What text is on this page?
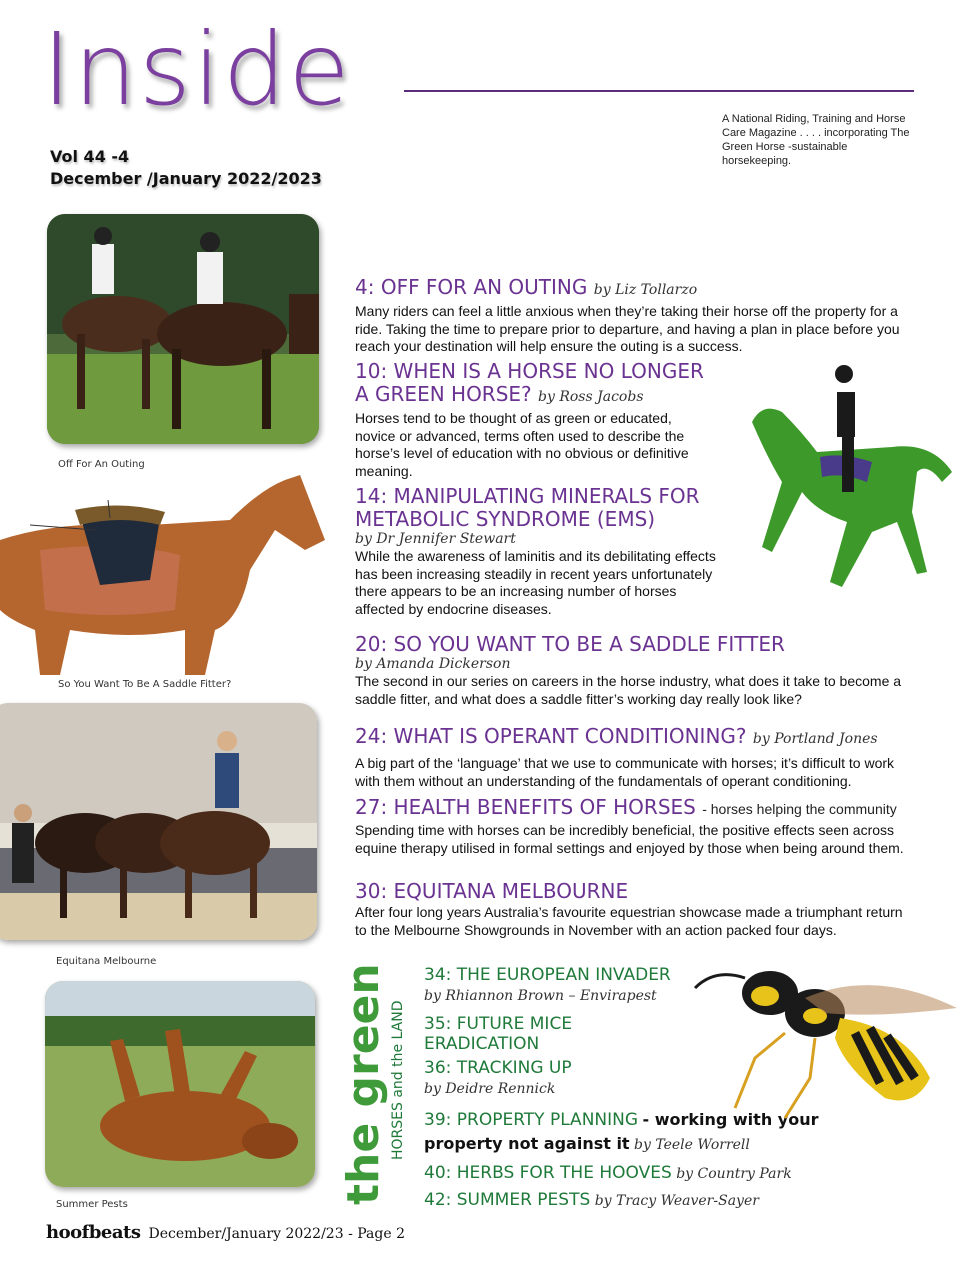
Inside	A National Riding, Training and Horse Care Magazine . . . . incorporating The Green Horse -sustainable horsekeeping.
Vol 44 -4
December /January 2022/2023
Off For An Outing
So You Want To Be A Saddle Fitter?
Equitana Melbourne
Summer Pests
4: OFF FOR AN OUTING by Liz Tollarzo
Many riders can feel a little anxious when they’re taking their horse off the property for a ride. Taking the time to prepare prior to departure, and having a plan in place before you reach your destination will help ensure the outing is a success.
10: WHEN IS A HORSE NO LONGER A GREEN HORSE? by Ross Jacobs
Horses tend to be thought of as green or educated, novice or advanced, terms often used to describe the horse’s level of education with no obvious or definitive meaning.
14: MANIPULATING MINERALS FOR METABOLIC SYNDROME (EMS)
by Dr Jennifer Stewart
While the awareness of laminitis and its debilitating effects has been increasing steadily in recent years unfortunately there appears to be an increasing number of horses affected by endocrine diseases.
20: SO YOU WANT TO BE A SADDLE FITTER
by Amanda Dickerson
The second in our series on careers in the horse industry, what does it take to become a saddle fitter, and what does a saddle fitter’s working day really look like?
24: WHAT IS OPERANT CONDITIONING? by Portland Jones
A big part of the ‘language’ that we use to communicate with horses; it’s difficult to work with them without an understanding of the fundamentals of operant conditioning.
27: HEALTH BENEFITS OF HORSES - horses helping the community
Spending time with horses can be incredibly beneficial, the positive effects seen across equine therapy utilised in formal settings and enjoyed by those when being around them.
30: EQUITANA MELBOURNE
After four long years Australia’s favourite equestrian showcase made a triumphant return to the Melbourne Showgrounds in November with an action packed four days.
the greenhorse HORSES and the LAND
34: THE EUROPEAN INVADER
by Rhiannon Brown – Envirapest
35: FUTURE MICE ERADICATION
36: TRACKING UP
by Deidre Rennick
39: PROPERTY PLANNING - working with your property not against it by Teele Worrell
40: HERBS FOR THE HOOVES by Country Park
42: SUMMER PESTS by Tracy Weaver-Sayer
hoofbeats December/January 2022/23 - Page 2
